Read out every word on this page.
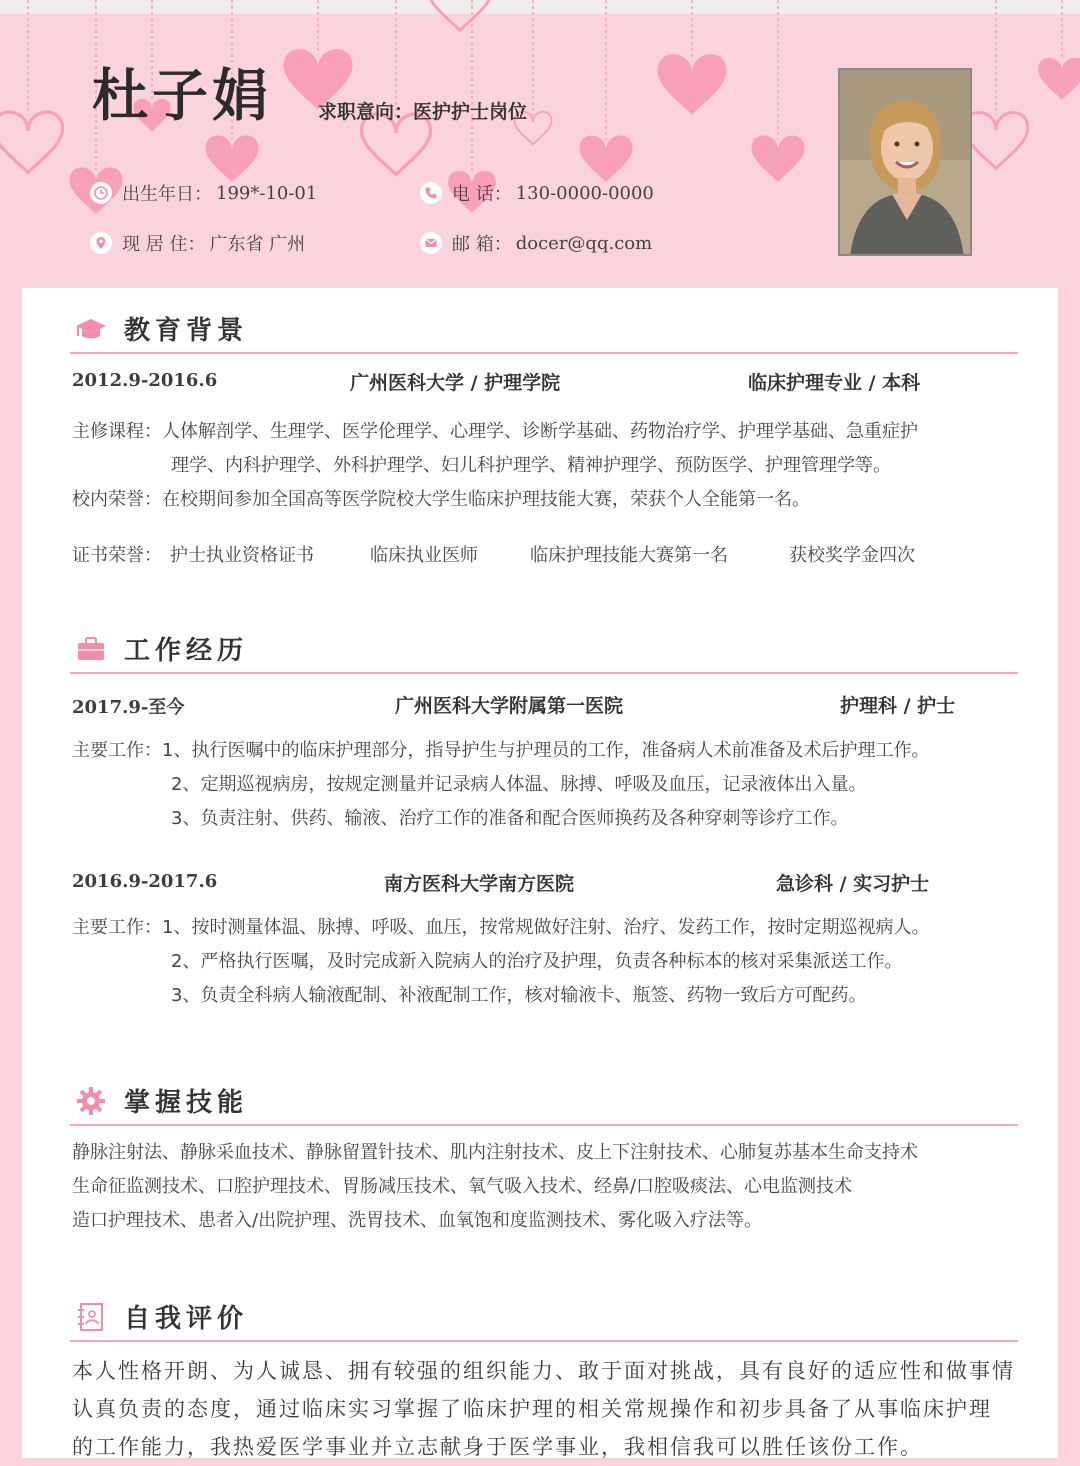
杜子娟 求职意向：医护护士岗位
出生年日： 199*-10-01	电 话： 130-0000-0000
现 居 住： 广东省 广州	邮 箱： docer@qq.com
教育背景
2012.9-2016.6	广州医科大学 / 护理学院	临床护理专业 / 本科
主修课程：人体解剖学、生理学、医学伦理学、心理学、诊断学基础、药物治疗学、护理学基础、急重症护
理学、内科护理学、外科护理学、妇儿科护理学、精神护理学、预防医学、护理管理学等。
校内荣誉：在校期间参加全国高等医学院校大学生临床护理技能大赛，荣获个人全能第一名。
证书荣誉： 护士执业资格证书	临床执业医师	临床护理技能大赛第一名	获校奖学金四次
工作经历
2017.9-至今	广州医科大学附属第一医院	护理科 / 护士
主要工作：1、执行医嘱中的临床护理部分，指导护生与护理员的工作，准备病人术前准备及术后护理工作。
2、定期巡视病房，按规定测量并记录病人体温、脉搏、呼吸及血压，记录液体出入量。
3、负责注射、供药、输液、治疗工作的准备和配合医师换药及各种穿刺等诊疗工作。
2016.9-2017.6	南方医科大学南方医院	急诊科 / 实习护士
主要工作：1、按时测量体温、脉搏、呼吸、血压，按常规做好注射、治疗、发药工作，按时定期巡视病人。
2、严格执行医嘱，及时完成新入院病人的治疗及护理，负责各种标本的核对采集派送工作。
3、负责全科病人输液配制、补液配制工作，核对输液卡、瓶签、药物一致后方可配药。
掌握技能
静脉注射法、静脉采血技术、静脉留置针技术、肌内注射技术、皮上下注射技术、心肺复苏基本生命支持术
生命征监测技术、口腔护理技术、胃肠减压技术、氧气吸入技术、经鼻/口腔吸痰法、心电监测技术
造口护理技术、患者入/出院护理、洗胃技术、血氧饱和度监测技术、雾化吸入疗法等。
自我评价
本人性格开朗、为人诚恳、拥有较强的组织能力、敢于面对挑战，具有良好的适应性和做事情
认真负责的态度，通过临床实习掌握了临床护理的相关常规操作和初步具备了从事临床护理
的工作能力，我热爱医学事业并立志献身于医学事业，我相信我可以胜任该份工作。
